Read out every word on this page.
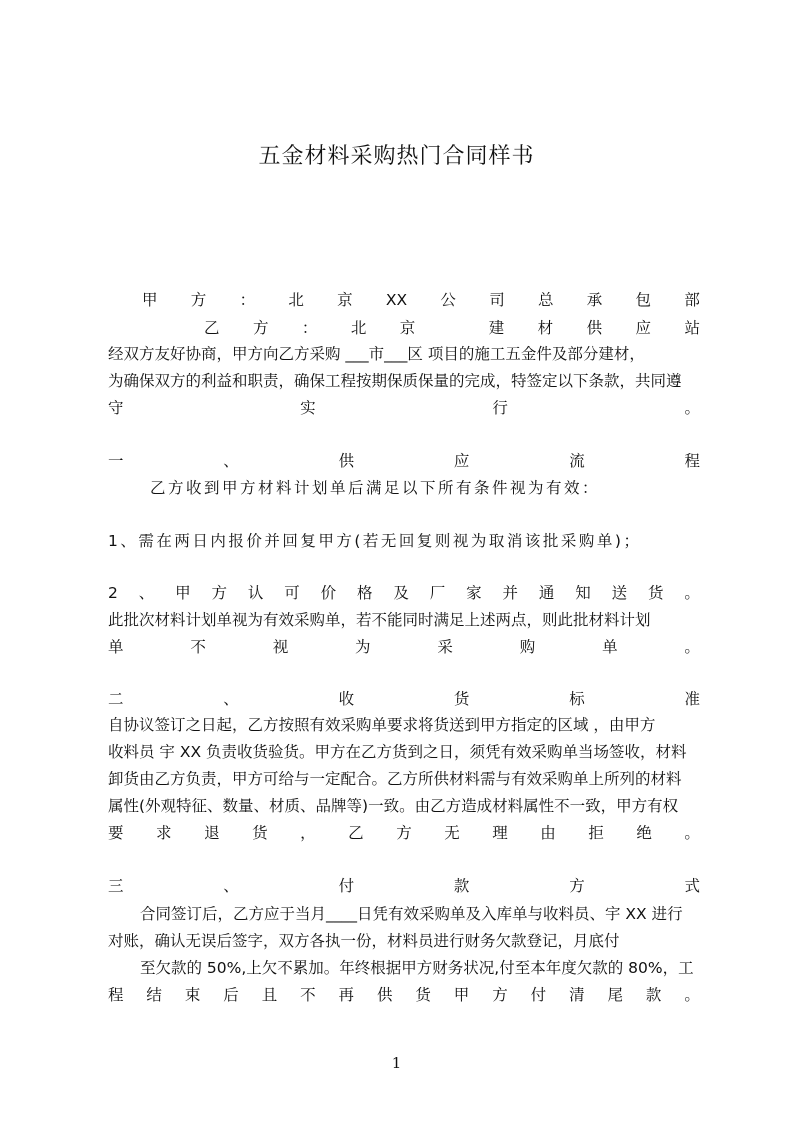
五金材料采购热门合同样书
甲 方 ： 北 京 XX 公 司 总 承 包 部
乙 方 ： 北 京	建 材 供 应 站
经双方友好协商，甲方向乙方采购 ___市___区 项目的施工五金件及部分建材，
为确保双方的利益和职责，确保工程按期保质保量的完成，特签定以下条款，共同遵
守	实	行	。
一	、	供	应	流	程
乙方收到甲方材料计划单后满足以下所有条件视为有效：
1、需在两日内报价并回复甲方(若无回复则视为取消该批采购单)；
2 、 甲 方 认 可 价 格 及 厂 家 并 通 知 送 货 。
此批次材料计划单视为有效采购单，若不能同时满足上述两点，则此批材料计划
单	不	视	为	采	购	单	。
二	、	收	货	标	准
自协议签订之日起，乙方按照有效采购单要求将货送到甲方指定的区域 ，由甲方
收料员 宇 XX 负责收货验货。甲方在乙方货到之日，须凭有效采购单当场签收，材料
卸货由乙方负责，甲方可给与一定配合。乙方所供材料需与有效采购单上所列的材料
属性(外观特征、数量、材质、品牌等)一致。由乙方造成材料属性不一致，甲方有权
要 求 退 货 ， 乙 方 无 理 由 拒 绝 。
三	、	付	款	方	式
合同签订后，乙方应于当月____日凭有效采购单及入库单与收料员、宇 XX 进行
对账，确认无误后签字，双方各执一份，材料员进行财务欠款登记，月底付
至欠款的 50%,上欠不累加。年终根据甲方财务状况,付至本年度欠款的 80%，工
程 结 束 后 且 不 再 供 货 甲 方 付 清 尾 款 。
1
